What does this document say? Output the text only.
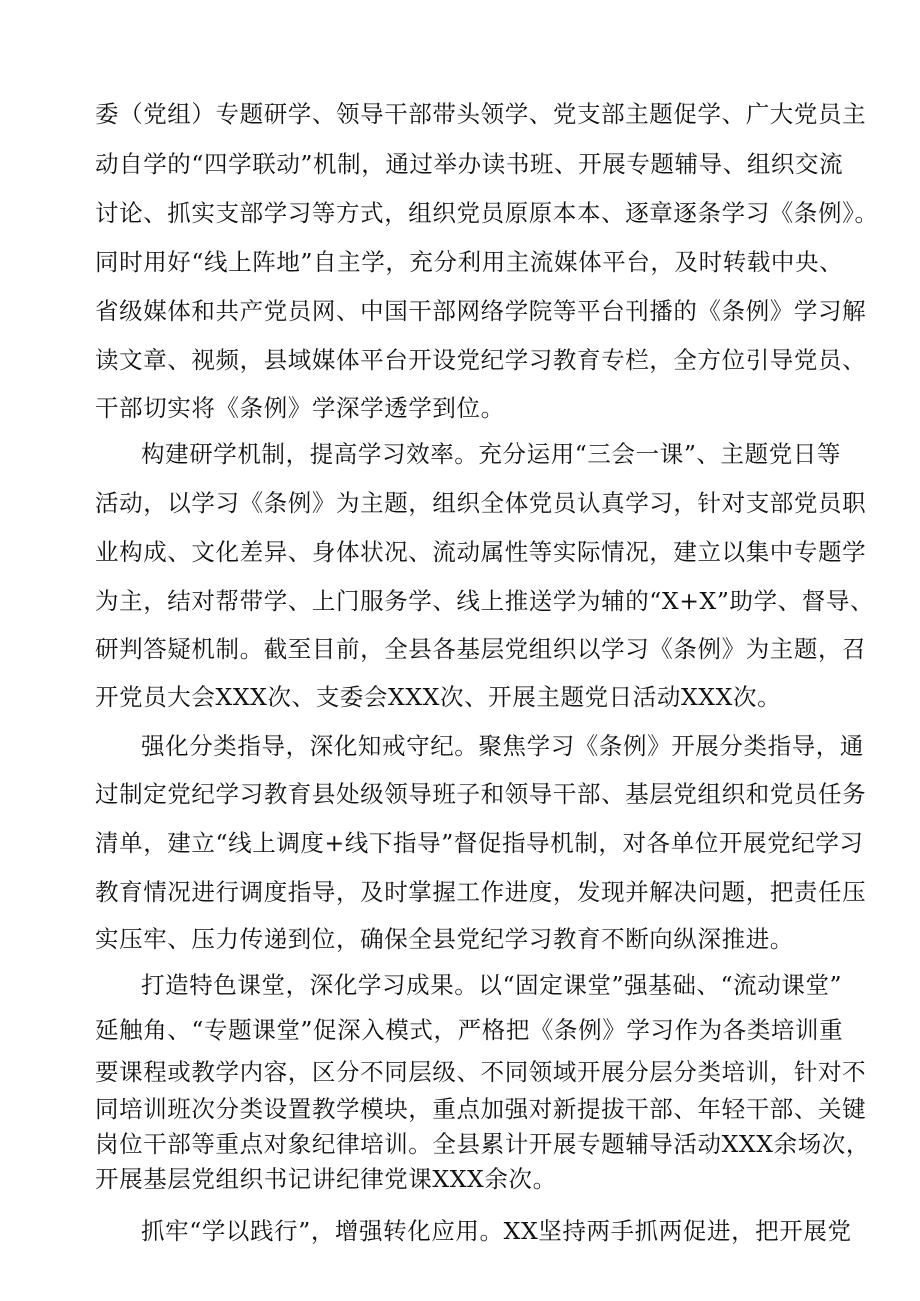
委（党组）专题研学、领导干部带头领学、党支部主题促学、广大党员主
动自学的“四学联动”机制，通过举办读书班、开展专题辅导、组织交流
讨论、抓实支部学习等方式，组织党员原原本本、逐章逐条学习《条例》。
同时用好“线上阵地”自主学，充分利用主流媒体平台，及时转载中央、
省级媒体和共产党员网、中国干部网络学院等平台刊播的《条例》学习解
读文章、视频，县域媒体平台开设党纪学习教育专栏，全方位引导党员、
干部切实将《条例》学深学透学到位。
构建研学机制，提高学习效率。充分运用“三会一课”、主题党日等
活动，以学习《条例》为主题，组织全体党员认真学习，针对支部党员职
业构成、文化差异、身体状况、流动属性等实际情况，建立以集中专题学
为主，结对帮带学、上门服务学、线上推送学为辅的“X+X”助学、督导、
研判答疑机制。截至目前，全县各基层党组织以学习《条例》为主题，召
开党员大会XXX次、支委会XXX次、开展主题党日活动XXX次。
强化分类指导，深化知戒守纪。聚焦学习《条例》开展分类指导，通
过制定党纪学习教育县处级领导班子和领导干部、基层党组织和党员任务
清单，建立“线上调度+线下指导”督促指导机制，对各单位开展党纪学习
教育情况进行调度指导，及时掌握工作进度，发现并解决问题，把责任压
实压牢、压力传递到位，确保全县党纪学习教育不断向纵深推进。
打造特色课堂，深化学习成果。以“固定课堂”强基础、“流动课堂”
延触角、“专题课堂”促深入模式，严格把《条例》学习作为各类培训重
要课程或教学内容，区分不同层级、不同领域开展分层分类培训，针对不
同培训班次分类设置教学模块，重点加强对新提拔干部、年轻干部、关键
岗位干部等重点对象纪律培训。全县累计开展专题辅导活动XXX余场次，
开展基层党组织书记讲纪律党课XXX余次。
抓牢“学以践行”，增强转化应用。XX坚持两手抓两促进，把开展党
